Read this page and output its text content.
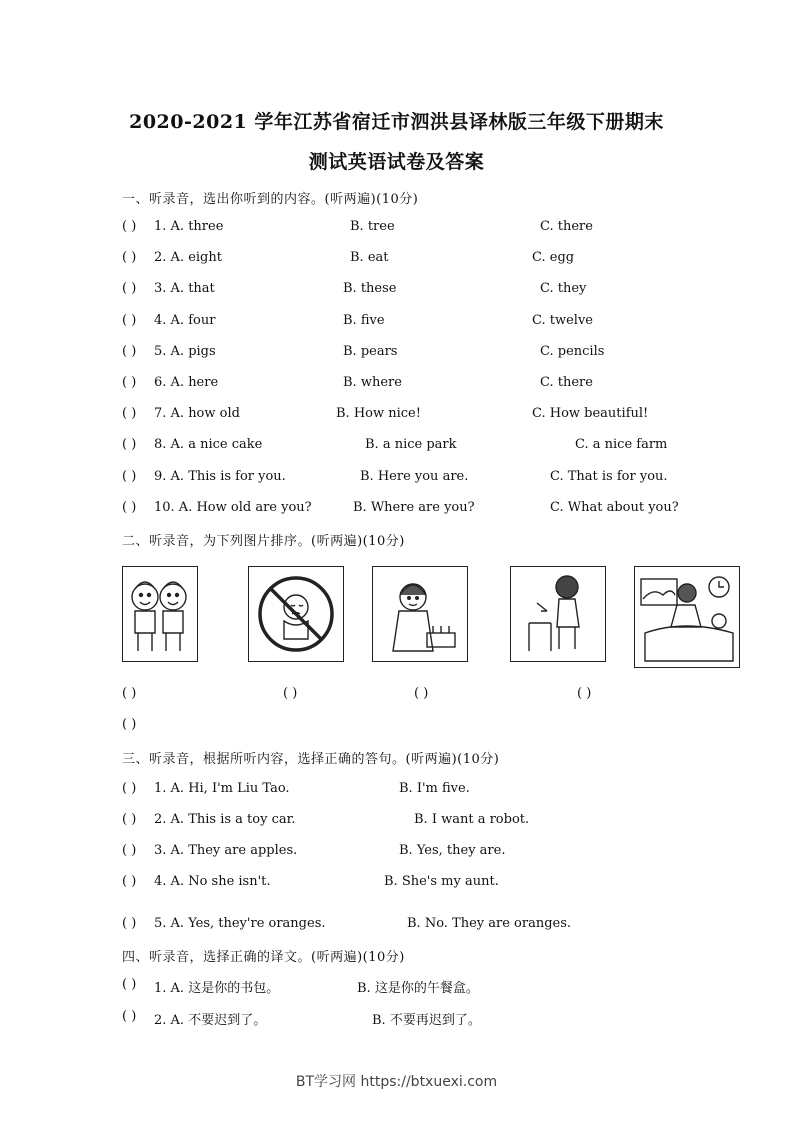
2020-2021 学年江苏省宿迁市泗洪县译林版三年级下册期末
测试英语试卷及答案
一、听录音，选出你听到的内容。(听两遍)(10分)
( ) 1. A. three	B. tree	C. there
( ) 2. A. eight	B. eat	C. egg
( ) 3. A. that	B. these	C. they
( ) 4. A. four	B. five	C. twelve
( ) 5. A. pigs	B. pears	C. pencils
( ) 6. A. here	B. where	C. there
( ) 7. A. how old	B. How nice!	C. How beautiful!
( ) 8. A. a nice cake	B. a nice park	C. a nice farm
( ) 9. A. This is for you.	B. Here you are.	C. That is for you.
( ) 10. A. How old are you?	B. Where are you?	C. What about you?
二、听录音，为下列图片排序。(听两遍)(10分)
( )	( )	( )	( )
( )
三、听录音，根据所听内容，选择正确的答句。(听两遍)(10分)
( ) 1. A. Hi, I'm Liu Tao.	B. I'm five.
( ) 2. A. This is a toy car.	B. I want a robot.
( ) 3. A. They are apples.	B. Yes, they are.
( ) 4. A. No she isn't.	B. She's my aunt.
( ) 5. A. Yes, they're oranges.	B. No. They are oranges.
四、听录音，选择正确的译文。(听两遍)(10分)
( ) 1. A. 这是你的书包。	B. 这是你的午餐盒。
( ) 2. A. 不要迟到了。	B. 不要再迟到了。
BT学习网 https://btxuexi.com
